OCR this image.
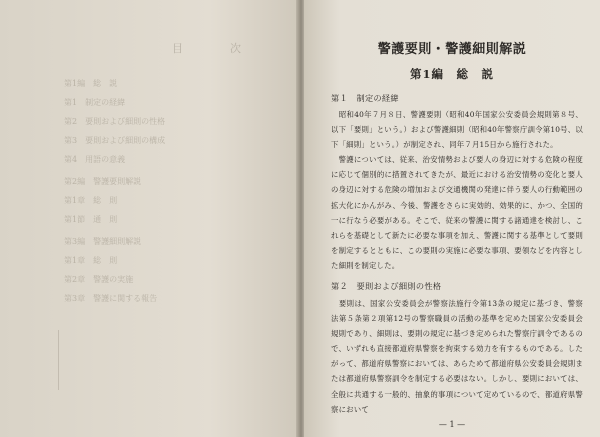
目　次
第1編　総　説
第1　制定の経緯
第2　要則および細則の性格
第3　要則および細則の構成
第4　用語の意義
第2編　警護要則解説
第1章　総　則
第1節　通　則
第3編　警護細則解説
第1章　総　則
第2章　警護の実施
第3章　警護に関する報告
警護要則・警護細則解説
第1編　総　説
第１　制定の経緯
　昭和40年７月８日、警護要則（昭和40年国家公安委員会規則第８号、以下「要則」という。）および警護細則（昭和40年警察庁訓令第10号、以下「細則」という。）が制定され、同年７月15日から施行された。
　警護については、従来、治安情勢および要人の身辺に対する危険の程度に応じて個別的に措置されてきたが、最近における治安情勢の変化と要人の身辺に対する危険の増加および交通機関の発達に伴う要人の行動範囲の拡大化にかんがみ、今後、警護をさらに実効的、効果的に、かつ、全国的一に行なう必要がある。そこで、従来の警護に関する諸通達を検討し、これらを基礎として新たに必要な事項を加え、警護に関する基準として要則を制定するとともに、この要則の実施に必要な事項、要領などを内容とした細則を制定した。
第２　要則および細則の性格
　要則は、国家公安委員会が警察法施行令第13条の規定に基づき、警察法第５条第２項第12号の警察職員の活動の基準を定めた国家公安委員会規則であり、細則は、要則の規定に基づき定められた警察庁訓令であるので、いずれも直接都道府県警察を拘束する効力を有するものである。したがって、都道府県警察においては、あらためて都道府県公安委員会規則または都道府県警察訓令を制定する必要はない。しかし、要則においては、全般に共通する一般的、抽象的事項について定めているので、都道府県警察において
— 1 —
